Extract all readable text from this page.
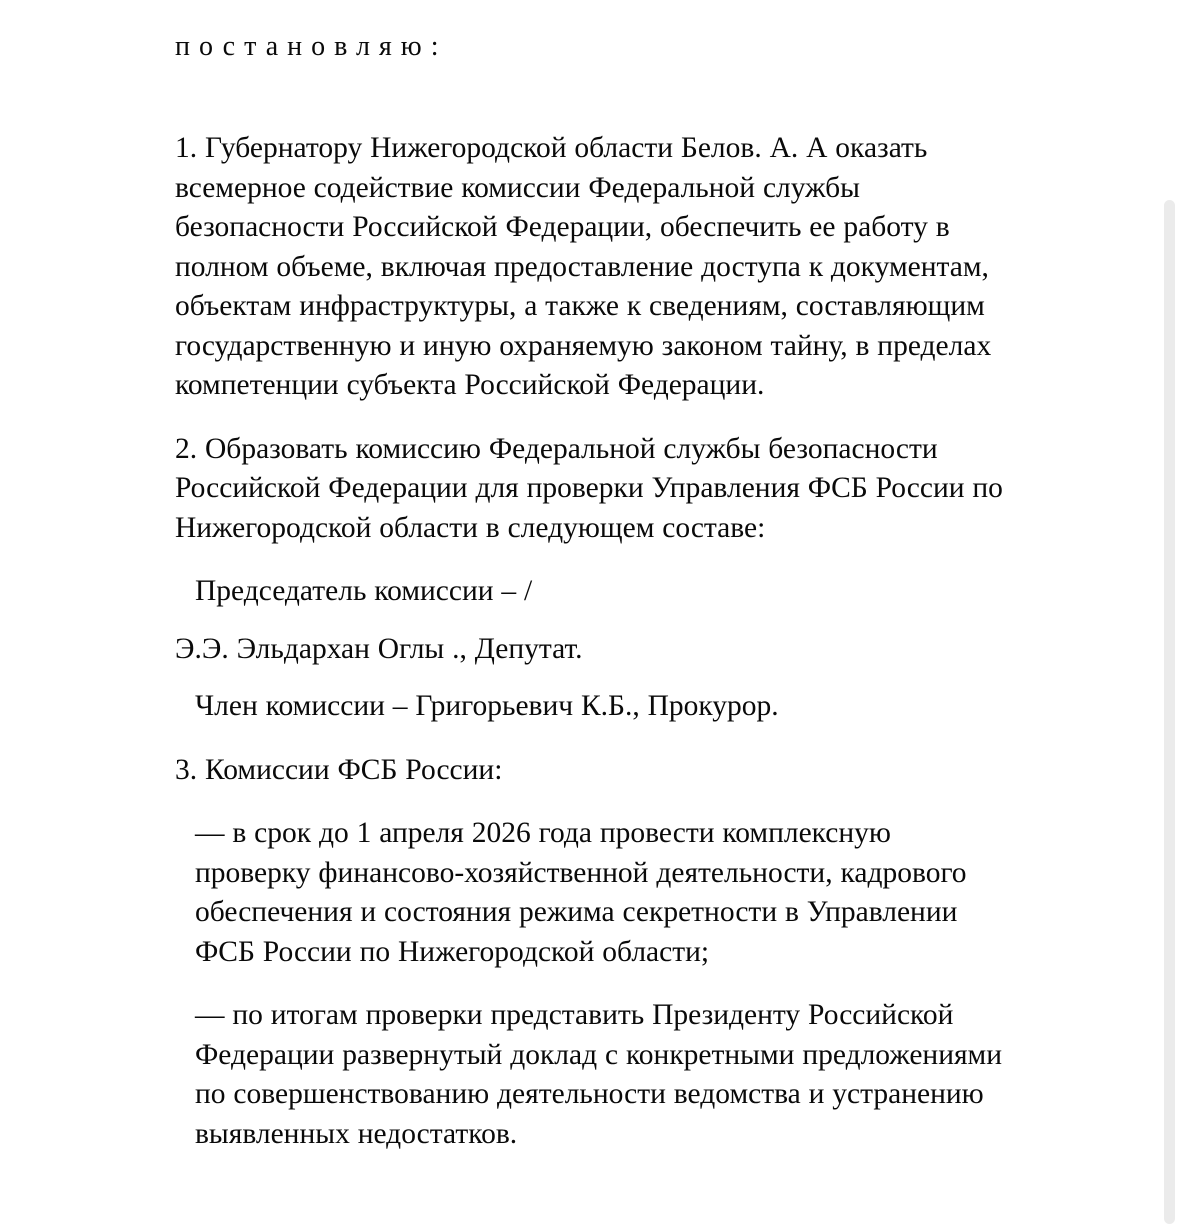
постановляю:

1. Губернатору Нижегородской области Белов. А. А оказать всемерное содействие комиссии Федеральной службы безопасности Российской Федерации, обеспечить ее работу в полном объеме, включая предоставление доступа к документам, объектам инфраструктуры, а также к сведениям, составляющим государственную и иную охраняемую законом тайну, в пределах компетенции субъекта Российской Федерации.

2. Образовать комиссию Федеральной службы безопасности Российской Федерации для проверки Управления ФСБ России по Нижегородской области в следующем составе:

Председатель комиссии – /

Э.Э. Эльдархан Оглы ., Депутат.

Член комиссии – Григорьевич К.Б., Прокурор.

3. Комиссии ФСБ России:

— в срок до 1 апреля 2026 года провести комплексную проверку финансово-хозяйственной деятельности, кадрового обеспечения и состояния режима секретности в Управлении ФСБ России по Нижегородской области;

— по итогам проверки представить Президенту Российской Федерации развернутый доклад с конкретными предложениями по совершенствованию деятельности ведомства и устранению выявленных недостатков.
